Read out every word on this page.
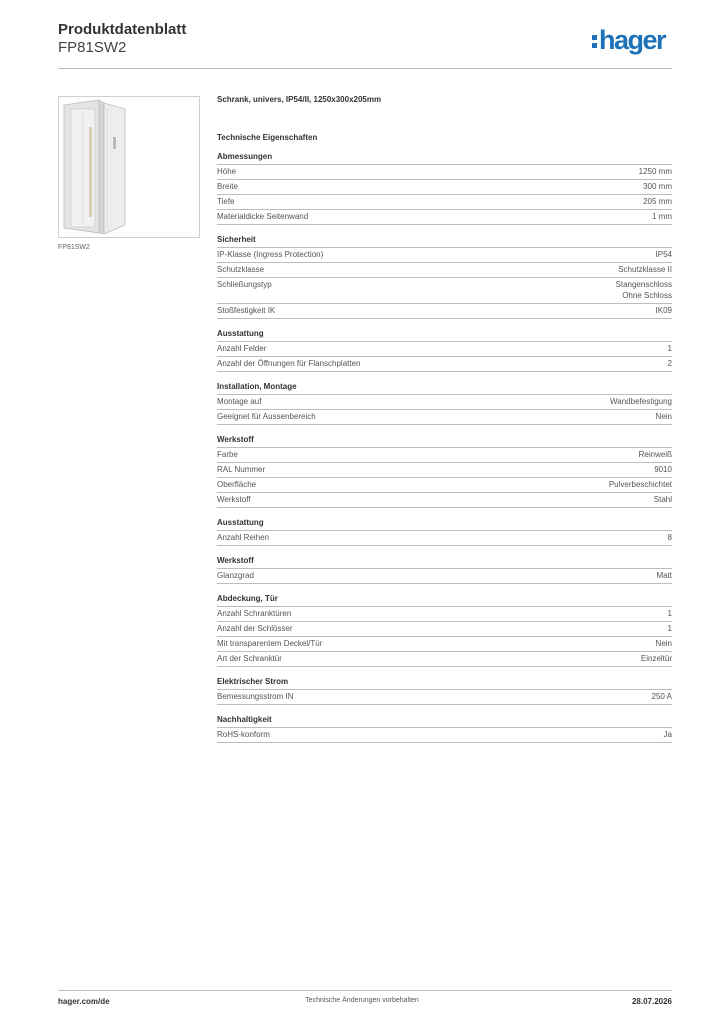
Produktdatenblatt
FP81SW2	hager
FP81SW2
Schrank, univers, IP54/II, 1250x300x205mm
Technische Eigenschaften
Abmessungen
Höhe	1250 mm
Breite	300 mm
Tiefe	205 mm
Materialdicke Seitenwand	1 mm
Sicherheit
IP-Klasse (Ingress Protection)	IP54
Schutzklasse	Schutzklasse II
Schließungstyp	Stangenschloss
Ohne Schloss
Stoßfestigkeit IK	IK09
Ausstattung
Anzahl Felder	1
Anzahl der Öffnungen für Flanschplatten	2
Installation, Montage
Montage auf	Wandbefestigung
Geeignet für Aussenbereich	Nein
Werkstoff
Farbe	Reinweiß
RAL Nummer	9010
Oberfläche	Pulverbeschichtet
Werkstoff	Stahl
Ausstattung
Anzahl Reihen	8
Werkstoff
Glanzgrad	Matt
Abdeckung, Tür
Anzahl Schranktüren	1
Anzahl der Schlösser	1
Mit transparentem Deckel/Tür	Nein
Art der Schranktür	Einzeltür
Elektrischer Strom
Bemessungsstrom IN	250 A
Nachhaltigkeit
RoHS-konform	Ja
hager.com/de	Technische Änderungen vorbehalten	28.07.2026
